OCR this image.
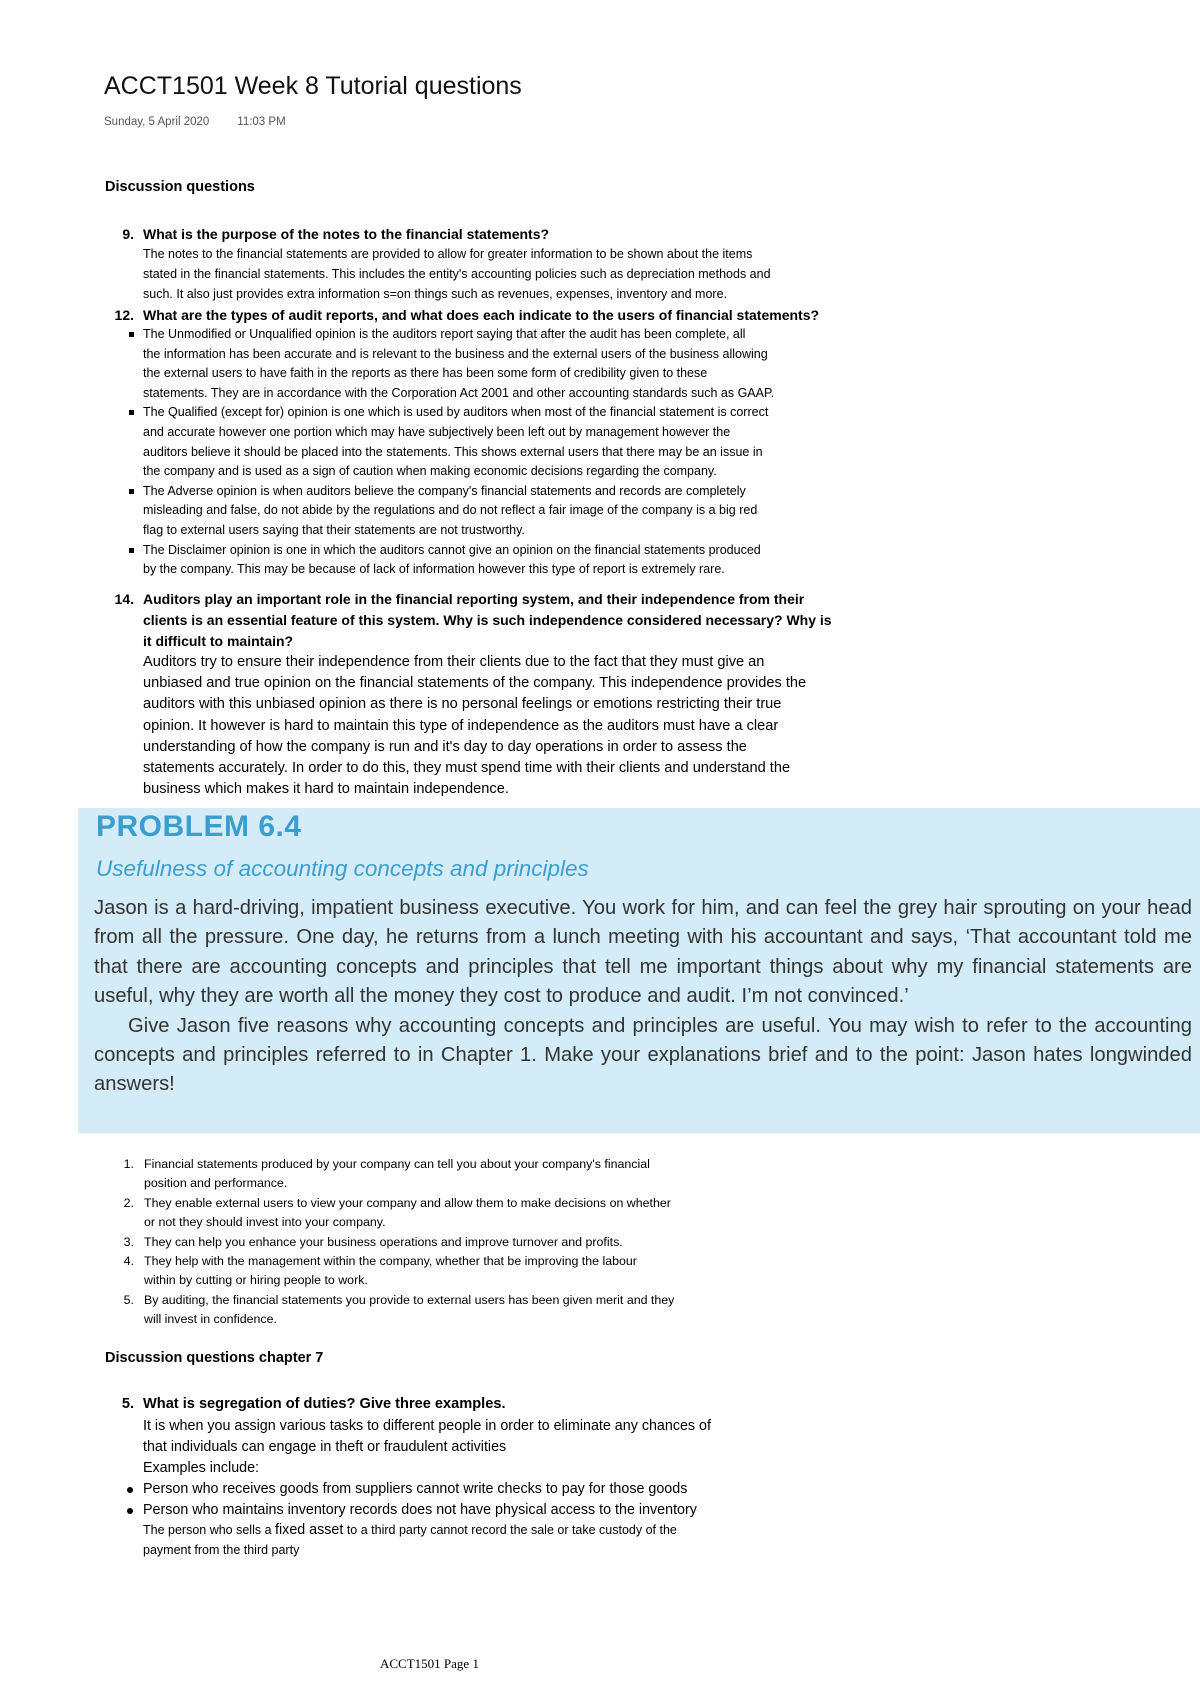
ACCT1501 Week 8 Tutorial questions
Sunday, 5 April 2020 11:03 PM
Discussion questions
9. What is the purpose of the notes to the financial statements?
The notes to the financial statements are provided to allow for greater information to be shown about the items
stated in the financial statements. This includes the entity's accounting policies such as depreciation methods and
such. It also just provides extra information s=on things such as revenues, expenses, inventory and more.
12. What are the types of audit reports, and what does each indicate to the users of financial statements?
The Unmodified or Unqualified opinion is the auditors report saying that after the audit has been complete, all
the information has been accurate and is relevant to the business and the external users of the business allowing
the external users to have faith in the reports as there has been some form of credibility given to these
statements. They are in accordance with the Corporation Act 2001 and other accounting standards such as GAAP.
The Qualified (except for) opinion is one which is used by auditors when most of the financial statement is correct
and accurate however one portion which may have subjectively been left out by management however the
auditors believe it should be placed into the statements. This shows external users that there may be an issue in
the company and is used as a sign of caution when making economic decisions regarding the company.
The Adverse opinion is when auditors believe the company's financial statements and records are completely
misleading and false, do not abide by the regulations and do not reflect a fair image of the company is a big red
flag to external users saying that their statements are not trustworthy.
The Disclaimer opinion is one in which the auditors cannot give an opinion on the financial statements produced
by the company. This may be because of lack of information however this type of report is extremely rare.
14. Auditors play an important role in the financial reporting system, and their independence from their
clients is an essential feature of this system. Why is such independence considered necessary? Why is
it difficult to maintain?
Auditors try to ensure their independence from their clients due to the fact that they must give an
unbiased and true opinion on the financial statements of the company. This independence provides the
auditors with this unbiased opinion as there is no personal feelings or emotions restricting their true
opinion. It however is hard to maintain this type of independence as the auditors must have a clear
understanding of how the company is run and it's day to day operations in order to assess the
statements accurately. In order to do this, they must spend time with their clients and understand the
business which makes it hard to maintain independence.
PROBLEM 6.4
Usefulness of accounting concepts and principles

Jason is a hard-driving, impatient business executive. You work for him, and can feel the grey hair sprouting on your head from all the pressure. One day, he returns from a lunch meeting with his accountant and says, ‘That accountant told me that there are accounting concepts and principles that tell me important things about why my financial statements are useful, why they are worth all the money they cost to produce and audit. I’m not convinced.’

Give Jason five reasons why accounting concepts and principles are useful. You may wish to refer to the accounting concepts and principles referred to in Chapter 1. Make your explanations brief and to the point: Jason hates longwinded answers!

1. Financial statements produced by your company can tell you about your company's financial
position and performance.
2. They enable external users to view your company and allow them to make decisions on whether
or not they should invest into your company.
3. They can help you enhance your business operations and improve turnover and profits.
4. They help with the management within the company, whether that be improving the labour
within by cutting or hiring people to work.
5. By auditing, the financial statements you provide to external users has been given merit and they
will invest in confidence.
Discussion questions chapter 7
5. What is segregation of duties? Give three examples.
It is when you assign various tasks to different people in order to eliminate any chances of
that individuals can engage in theft or fraudulent activities
Examples include:
Person who receives goods from suppliers cannot write checks to pay for those goods
Person who maintains inventory records does not have physical access to the inventory
The person who sells a fixed asset to a third party cannot record the sale or take custody of the
payment from the third party
ACCT1501 Page 1
